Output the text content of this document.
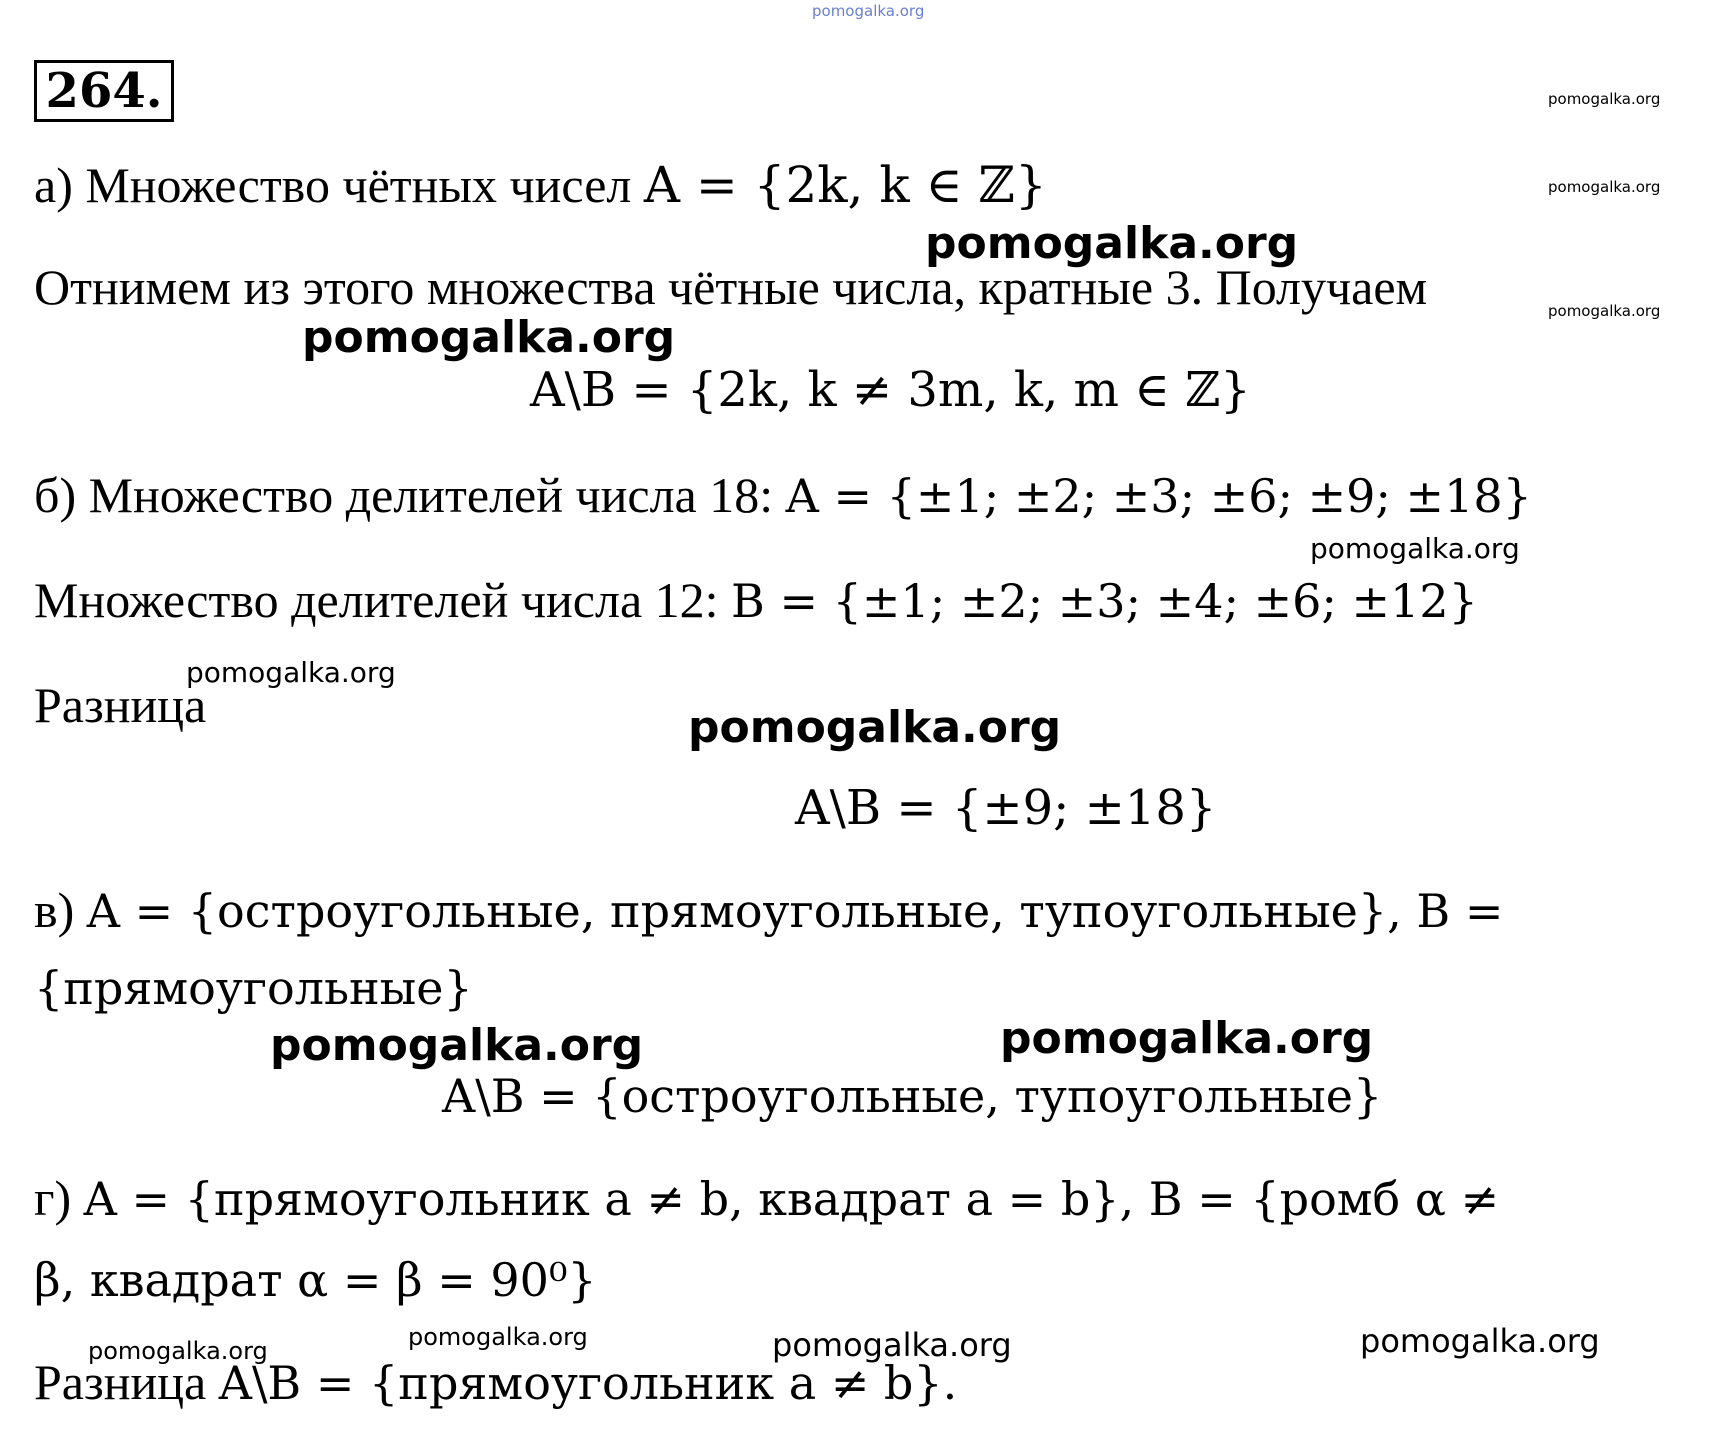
pomogalka.org
264.	pomogalka.org
pomogalka.org
pomogalka.org
а) Множество чётных чисел A = {2k, k ∈ ℤ}
pomogalka.org
Отнимем из этого множества чётные числа, кратные 3. Получаем
pomogalka.org
A\B = {2k, k ≠ 3m, k, m ∈ ℤ}
б) Множество делителей числа 18: A = {±1; ±2; ±3; ±6; ±9; ±18}
pomogalka.org
Множество делителей числа 12: B = {±1; ±2; ±3; ±4; ±6; ±12}
pomogalka.org
Разница	pomogalka.org
A\B = {±9; ±18}
в) A = {остроугольные, прямоугольные, тупоугольные}, B =
{прямоугольные}
pomogalka.org	pomogalka.org
A\B = {остроугольные, тупоугольные}
г) A = {прямоугольник a ≠ b, квадрат a = b}, B = {ромб α ≠
β, квадрат α = β = 90⁰}
pomogalka.org	pomogalka.org	pomogalka.org	pomogalka.org
Разница A\B = {прямоугольник a ≠ b}.
